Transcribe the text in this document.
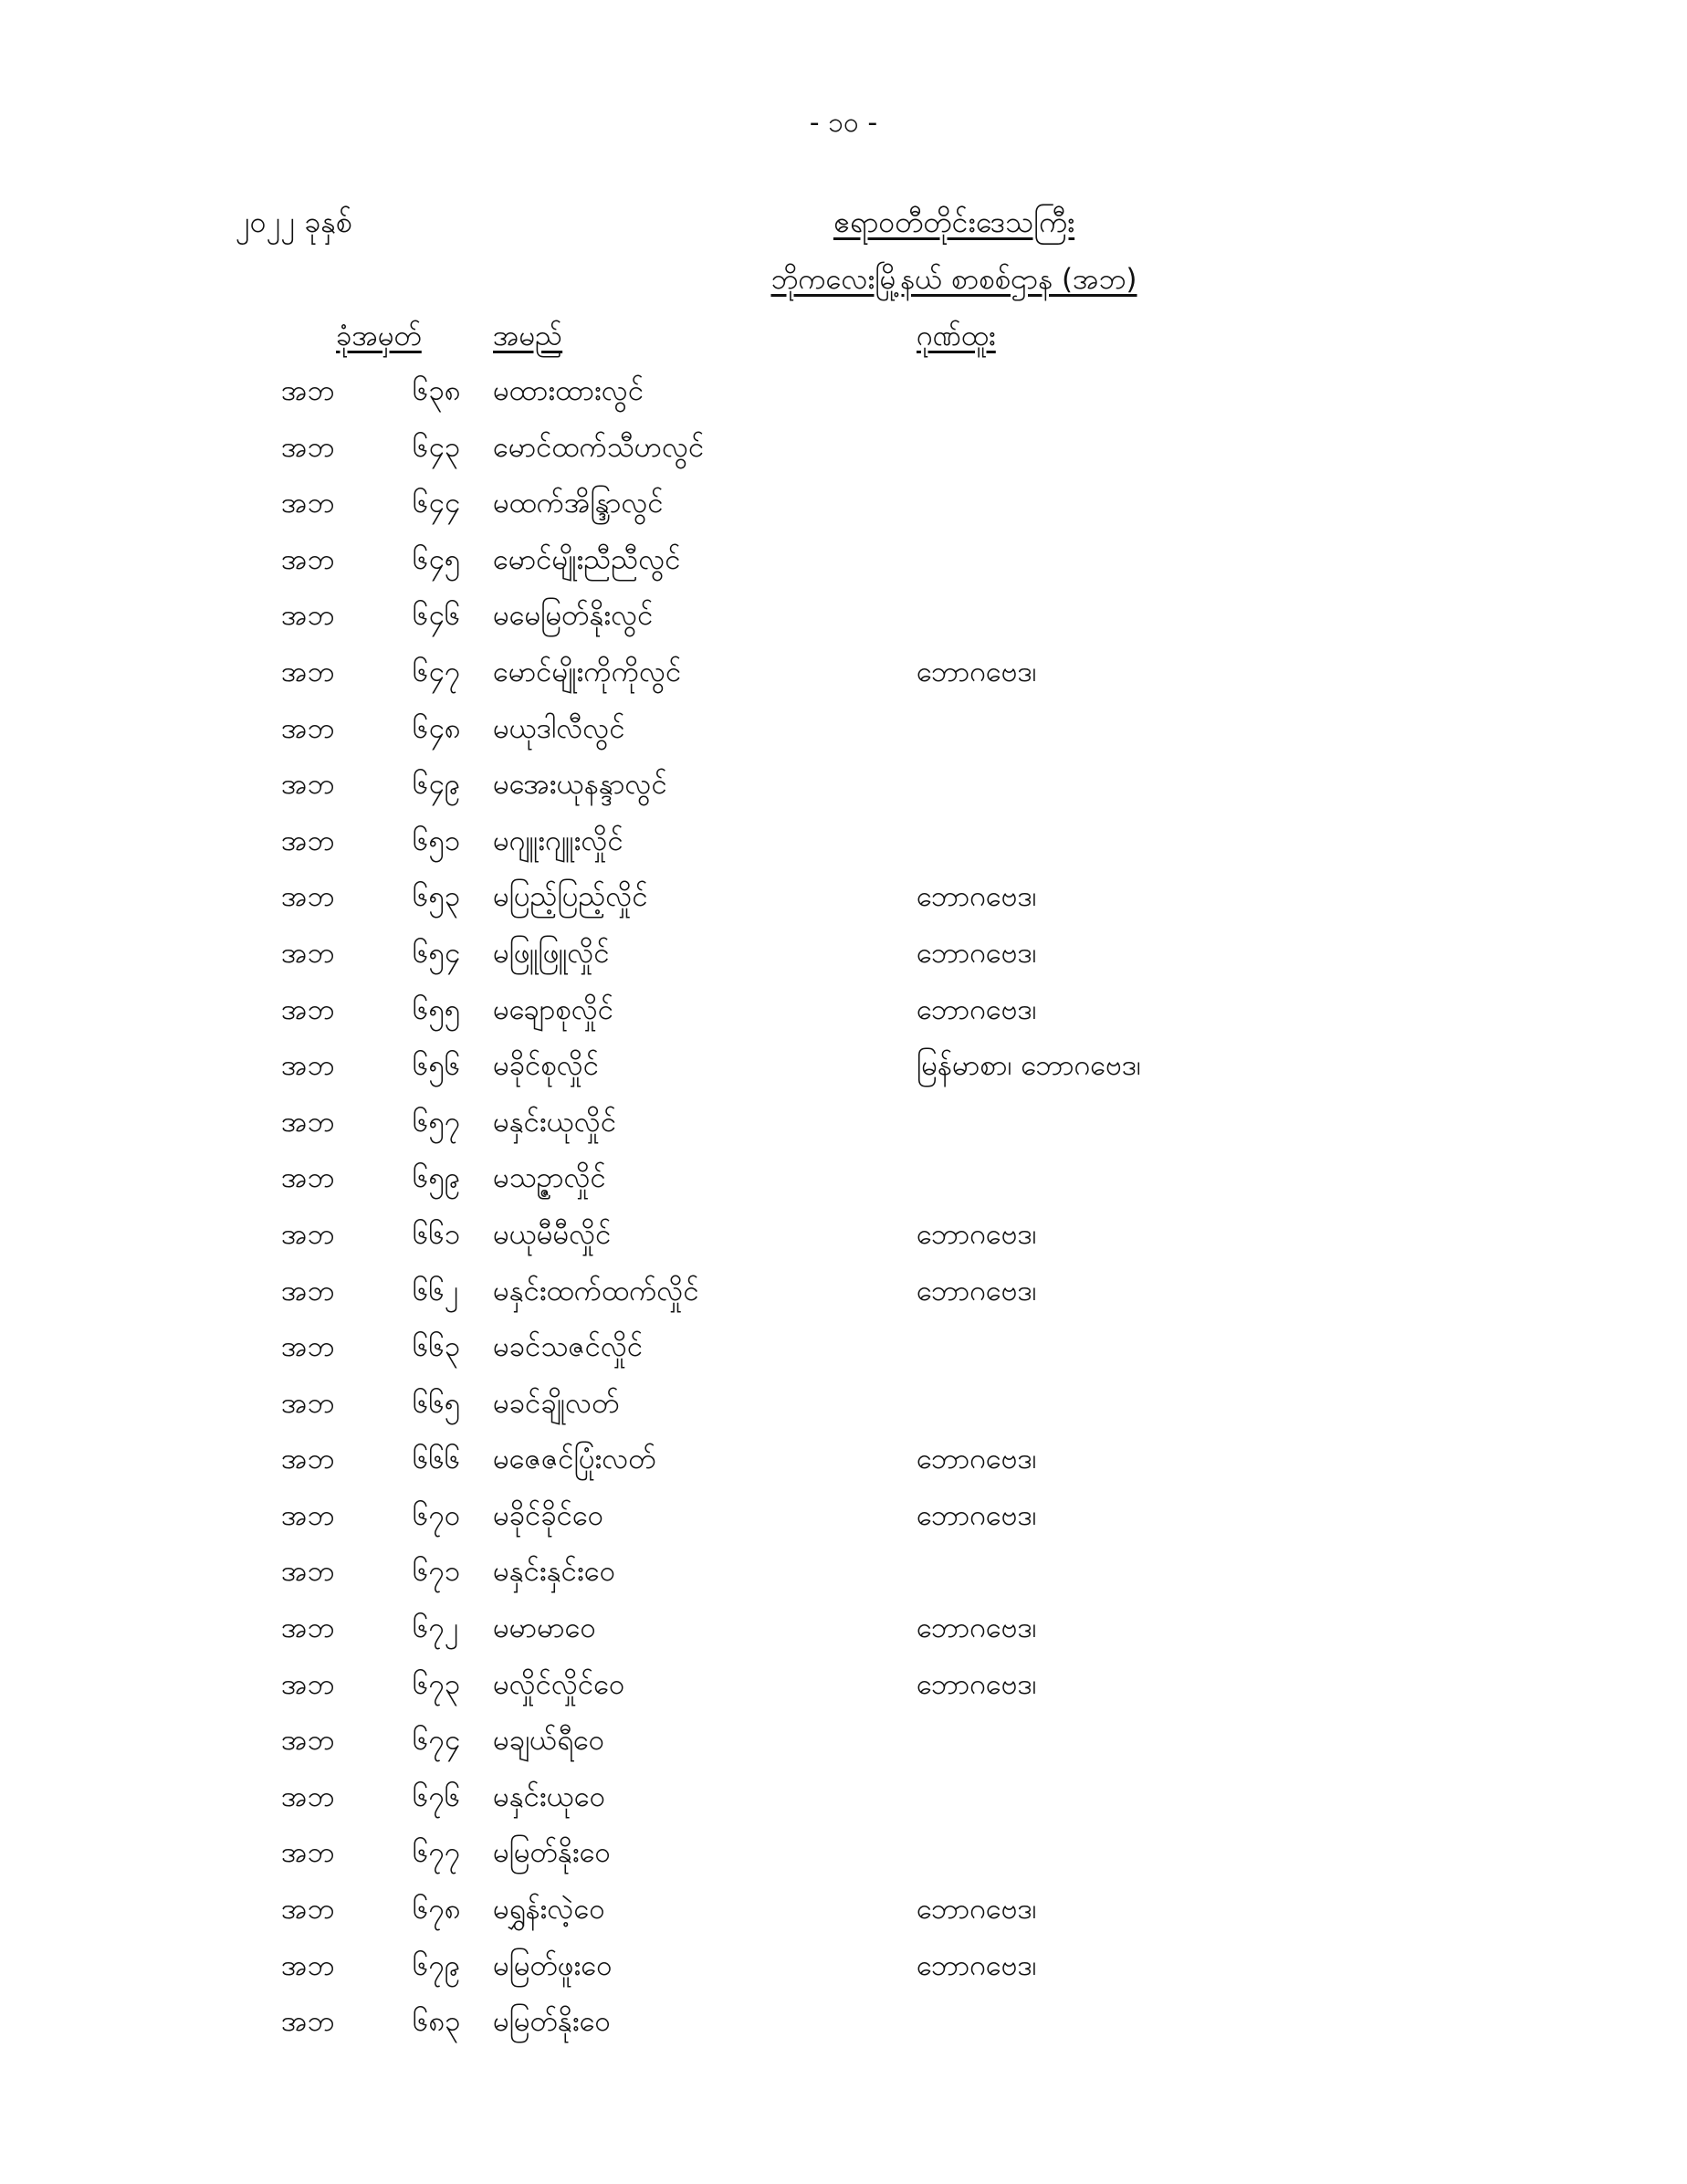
- ၁၀ -
၂၀၂၂ ခုနှစ်	ဧရာဝတီတိုင်းဒေသကြီး
ဘိုကလေးမြို့နယ် စာစစ်ဌာန (အဘ)
ခုံအမှတ်	အမည်	ဂုဏ်ထူး
အဘ	၆၃၈ မထားထားလွင်
အဘ	၆၄၃ မောင်ထက်သီဟလွင်
အဘ	၆၄၄ မထက်အိန္ဒြာလွင်
အဘ	၆၄၅ မောင်မျိုးညီညီလွင်
အဘ	၆၄၆ မမေမြတ်နိုးလွင်
အဘ	၆၄၇ မောင်မျိုးကိုကိုလွင်	ဘောဂဗေဒ၊
အဘ	၆၄၈ မယုဒါလီလွင်
အဘ	၆၄၉ မအေးယုနန္ဒာလွင်
အဘ	၆၅၁ မဂျူးဂျူးလှိုင်
အဘ	၆၅၃ မပြည့်ပြည့်လှိုင်	ဘောဂဗေဒ၊
အဘ	၆၅၄ မဖြူဖြူလှိုင်	ဘောဂဗေဒ၊
အဘ	၆၅၅ မချောစုလှိုင်	ဘောဂဗေဒ၊
အဘ	၆၅၆ မခိုင်စုလှိုင်	မြန်မာစာ၊ ဘောဂဗေဒ၊
အဘ	၆၅၇ မနှင်းယုလှိုင်
အဘ	၆၅၉ မသဉ္ဇာလှိုင်
အဘ	၆၆၁ မယုမီမီလှိုင်	ဘောဂဗေဒ၊
အဘ	၆၆၂ မနှင်းထက်ထက်လှိုင်	ဘောဂဗေဒ၊
အဘ	၆၆၃ မခင်သဇင်လှိုင်
အဘ	၆၆၅ မခင်ချိုလတ်
အဘ	၆၆၆ မဇေဇင်ပြုံးလတ်	ဘောဂဗေဒ၊
အဘ	၆၇၀ မခိုင်ခိုင်ဝေ	ဘောဂဗေဒ၊
အဘ	၆၇၁ မနှင်းနှင်းဝေ
အဘ	၆၇၂ မမာမာဝေ	ဘောဂဗေဒ၊
အဘ	၆၇၃ မလှိုင်လှိုင်ဝေ	ဘောဂဗေဒ၊
အဘ	၆၇၄ မချယ်ရီဝေ
အဘ	၆၇၆ မနှင်းယုဝေ
အဘ	၆၇၇ မမြတ်နိုးဝေ
အဘ	၆၇၈ မရွှန်းလဲ့ဝေ	ဘောဂဗေဒ၊
အဘ	၆၇၉ မမြတ်ဖူးဝေ	ဘောဂဗေဒ၊
အဘ	၆၈၃ မမြတ်နိုးဝေ
